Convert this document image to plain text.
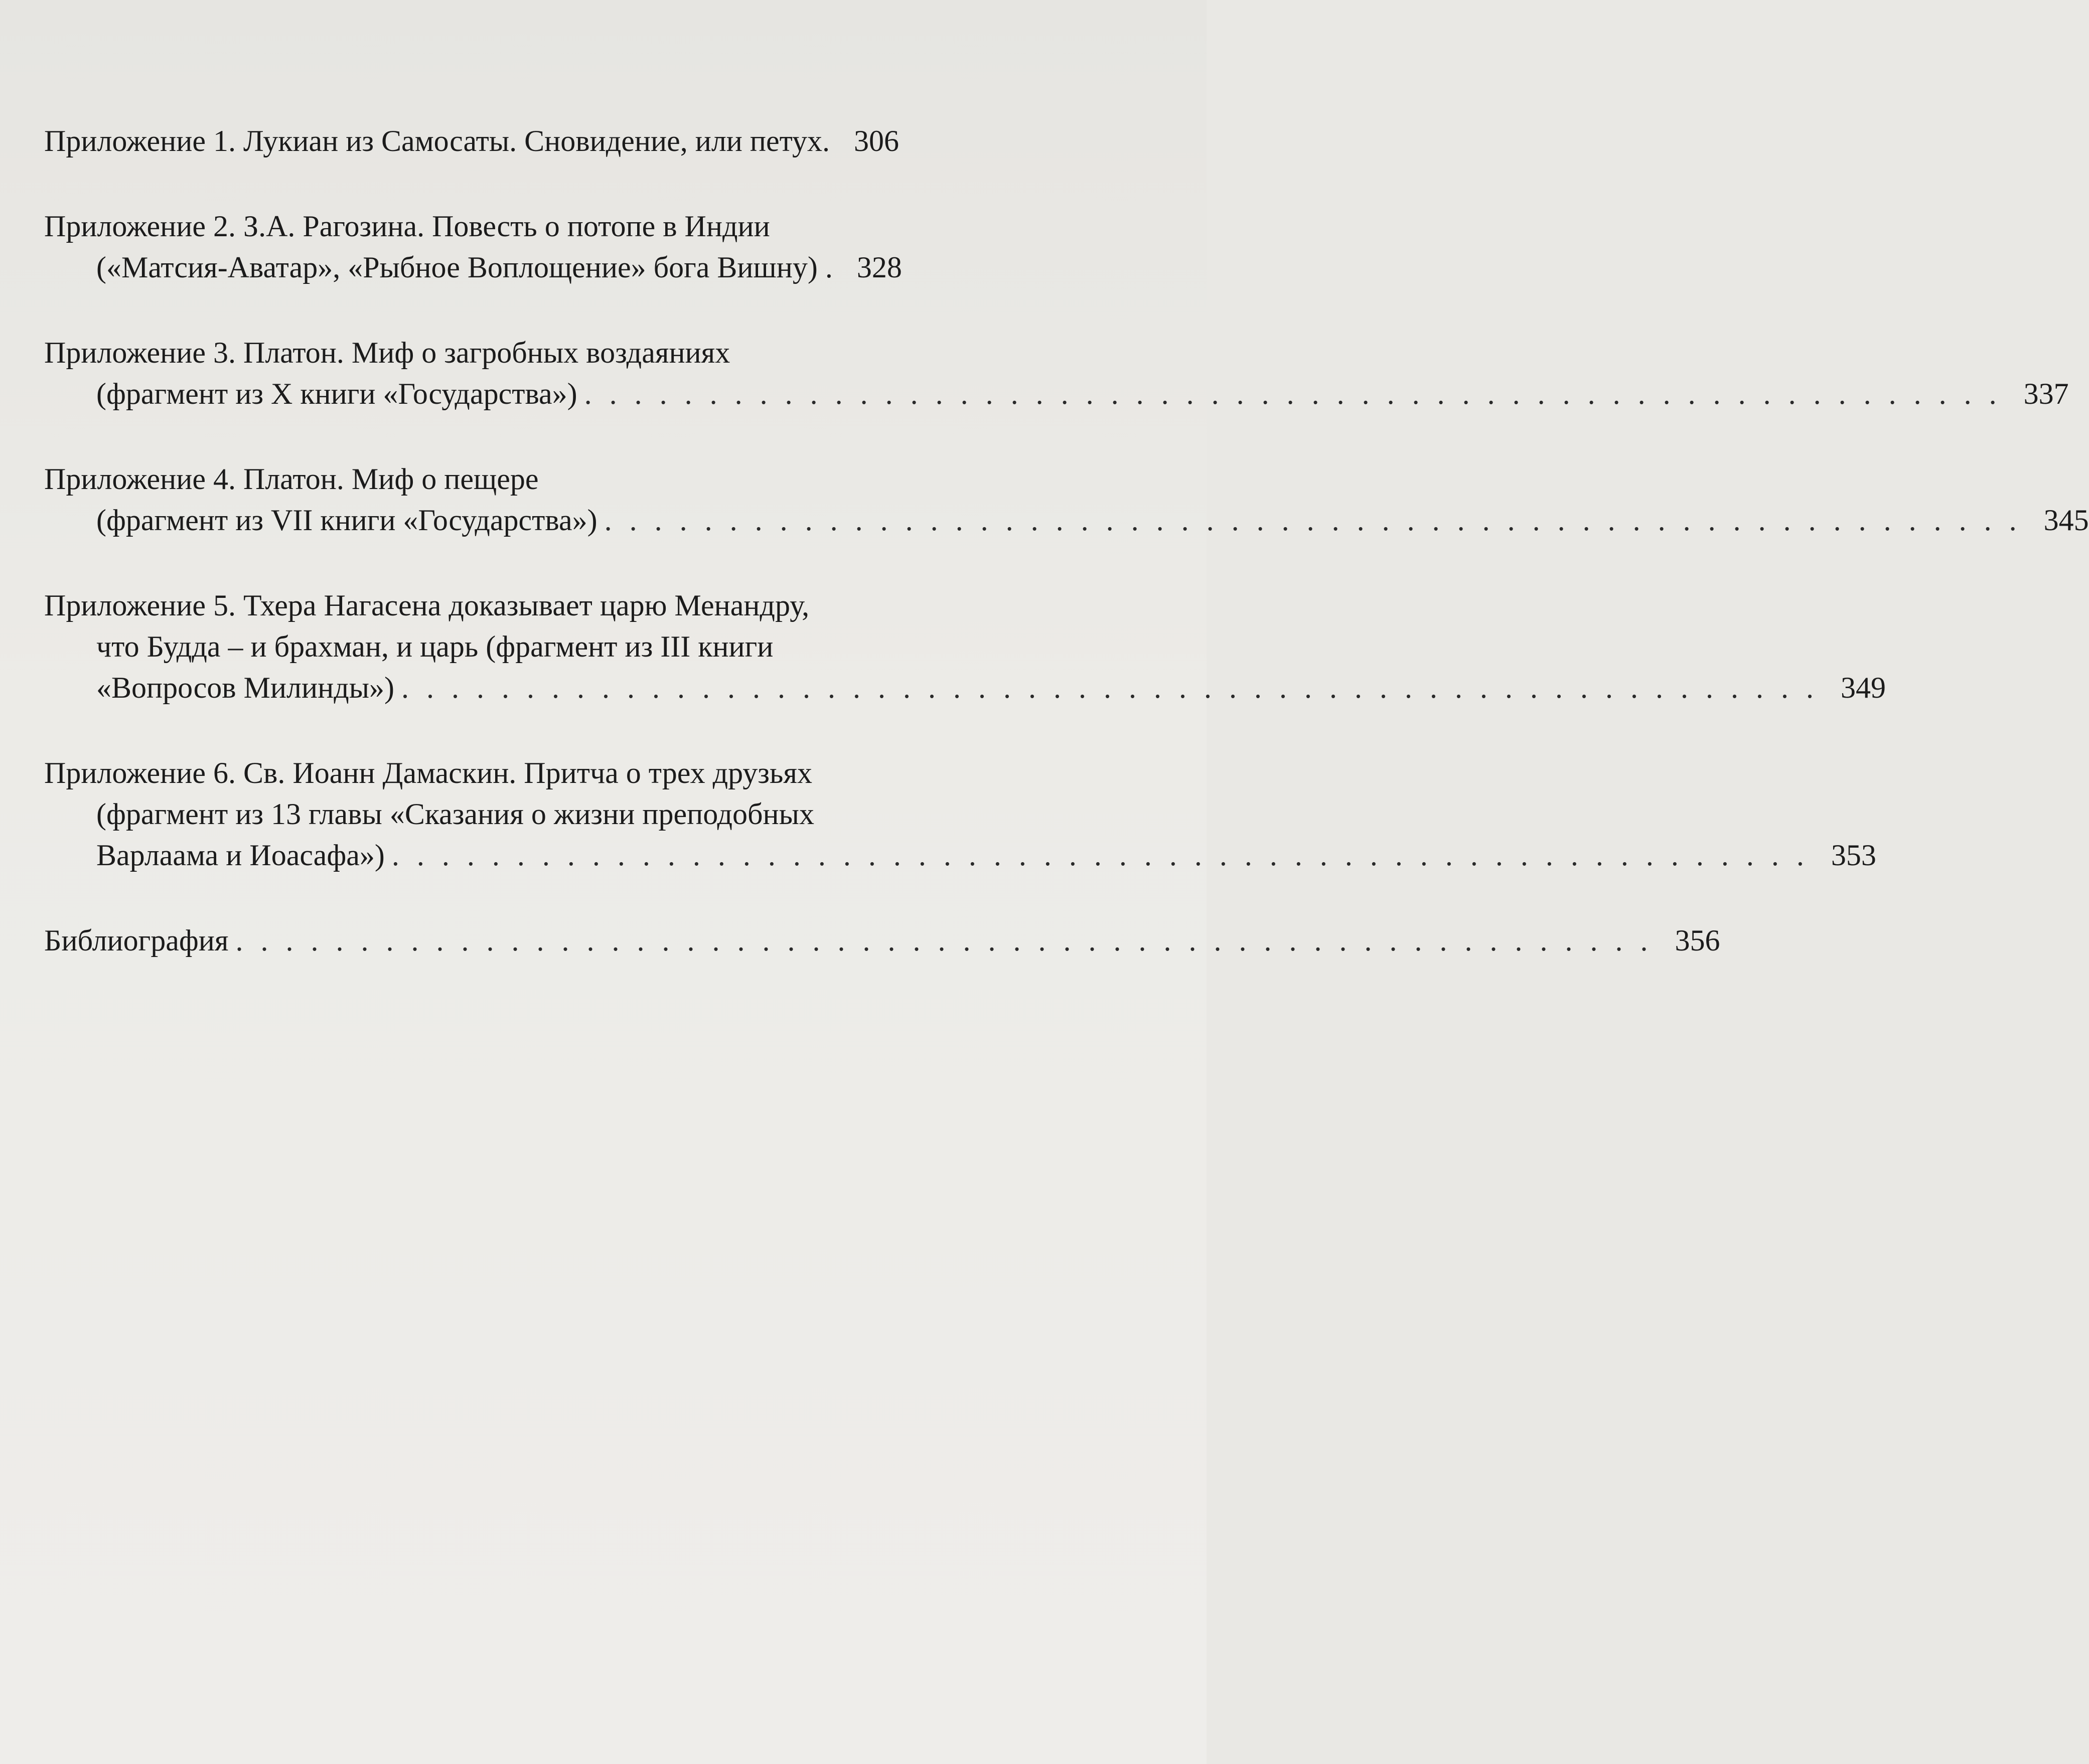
Приложение 1. Лукиан из Самосаты. Сновидение, или петух. 306
Приложение 2. З.А. Рагозина. Повесть о потопе в Индии
(«Матсия-Аватар», «Рыбное Воплощение» бога Вишну) . 328
Приложение 3. Платон. Миф о загробных воздаяниях
(фрагмент из X книги «Государства») . . . . . . . . . . . . . . . . . . . . . . . . . . . . . . . . . . . . . . . . . . . . . . . . . . . . . . . . . 337
Приложение 4. Платон. Миф о пещере
(фрагмент из VII книги «Государства») . . . . . . . . . . . . . . . . . . . . . . . . . . . . . . . . . . . . . . . . . . . . . . . . . . . . . . . . . 345
Приложение 5. Тхера Нагасена доказывает царю Менандру,
что Будда – и брахман, и царь (фрагмент из III книги
«Вопросов Милинды») . . . . . . . . . . . . . . . . . . . . . . . . . . . . . . . . . . . . . . . . . . . . . . . . . . . . . . . . . 349
Приложение 6. Св. Иоанн Дамаскин. Притча о трех друзьях
(фрагмент из 13 главы «Сказания о жизни преподобных
Варлаама и Иоасафа») . . . . . . . . . . . . . . . . . . . . . . . . . . . . . . . . . . . . . . . . . . . . . . . . . . . . . . . . . 353
Библиография . . . . . . . . . . . . . . . . . . . . . . . . . . . . . . . . . . . . . . . . . . . . . . . . . . . . . . . . . 356
